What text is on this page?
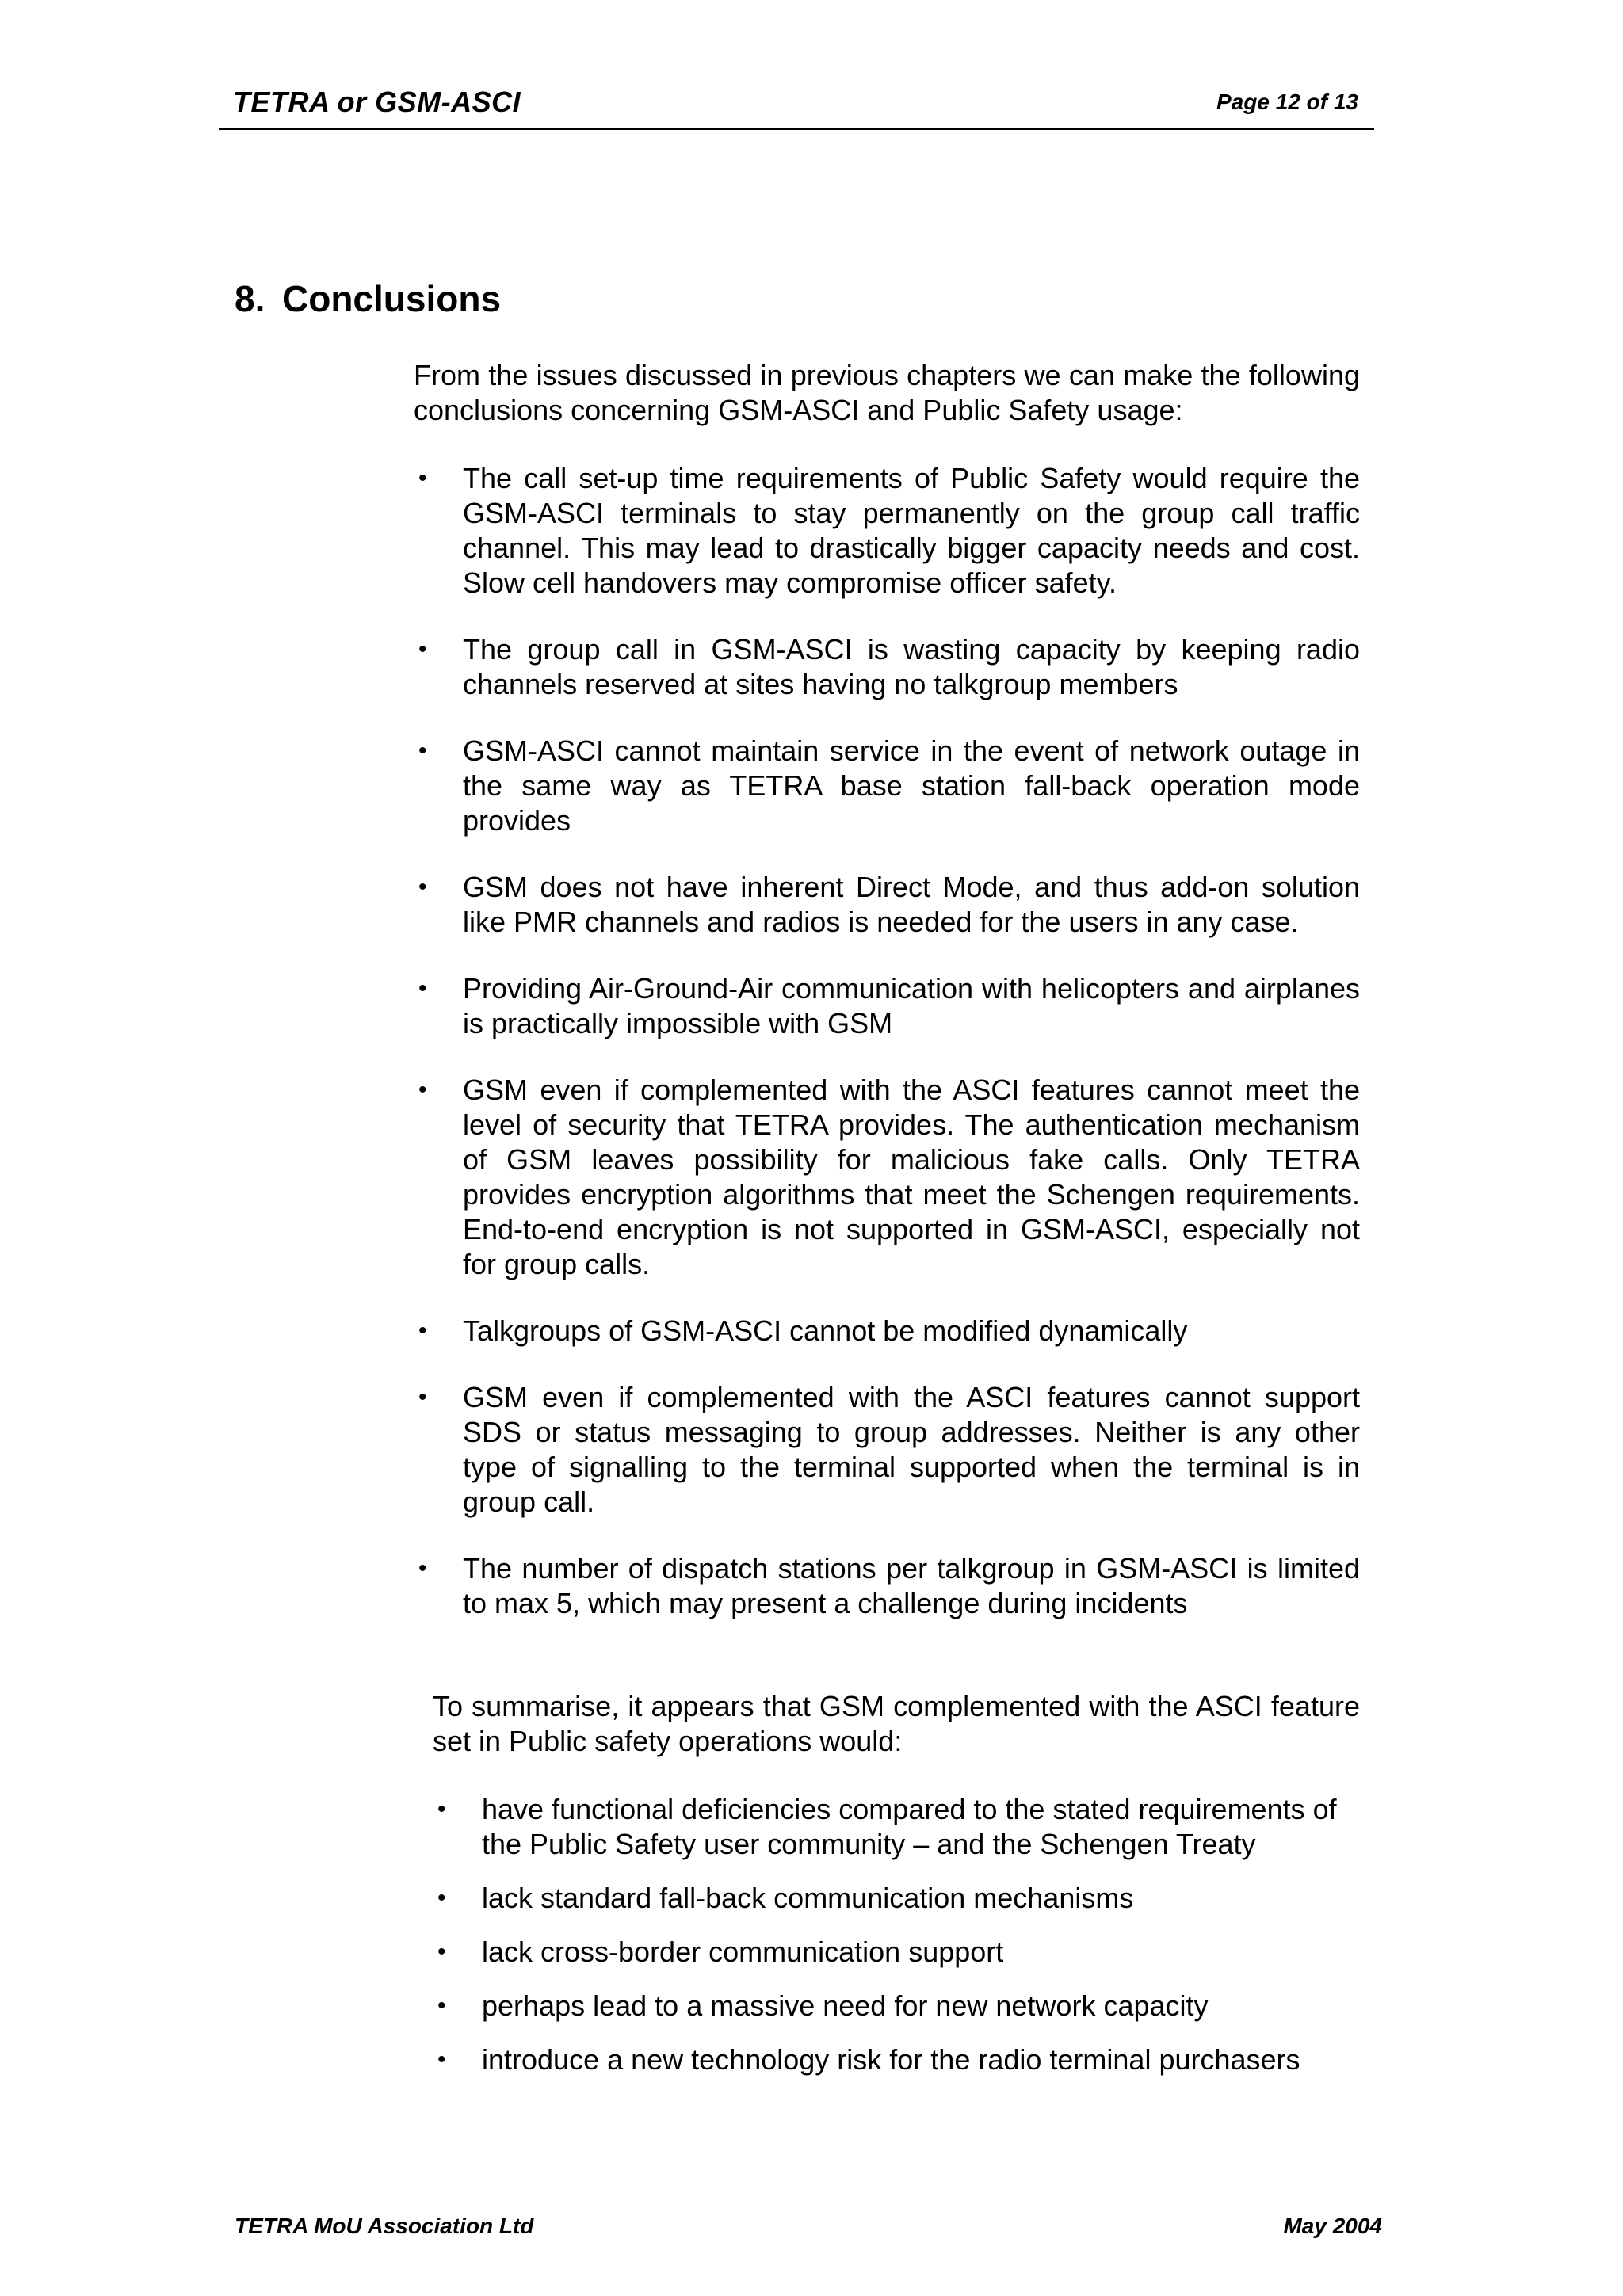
TETRA or GSM-ASCI	Page 12 of 13
8. Conclusions

From the issues discussed in previous chapters we can make the following conclusions concerning GSM-ASCI and Public Safety usage:

• The call set-up time requirements of Public Safety would require the GSM-ASCI terminals to stay permanently on the group call traffic channel. This may lead to drastically bigger capacity needs and cost. Slow cell handovers may compromise officer safety.
• The group call in GSM-ASCI is wasting capacity by keeping radio channels reserved at sites having no talkgroup members
• GSM-ASCI cannot maintain service in the event of network outage in the same way as TETRA base station fall-back operation mode provides
• GSM does not have inherent Direct Mode, and thus add-on solution like PMR channels and radios is needed for the users in any case.
• Providing Air-Ground-Air communication with helicopters and airplanes is practically impossible with GSM
• GSM even if complemented with the ASCI features cannot meet the level of security that TETRA provides. The authentication mechanism of GSM leaves possibility for malicious fake calls. Only TETRA provides encryption algorithms that meet the Schengen requirements. End-to-end encryption is not supported in GSM-ASCI, especially not for group calls.
• Talkgroups of GSM-ASCI cannot be modified dynamically
• GSM even if complemented with the ASCI features cannot support SDS or status messaging to group addresses. Neither is any other type of signalling to the terminal supported when the terminal is in group call.
• The number of dispatch stations per talkgroup in GSM-ASCI is limited to max 5, which may present a challenge during incidents

To summarise, it appears that GSM complemented with the ASCI feature set in Public safety operations would:

• have functional deficiencies compared to the stated requirements of the Public Safety user community – and the Schengen Treaty
• lack standard fall-back communication mechanisms
• lack cross-border communication support
• perhaps lead to a massive need for new network capacity
• introduce a new technology risk for the radio terminal purchasers
TETRA MoU Association Ltd	May 2004
